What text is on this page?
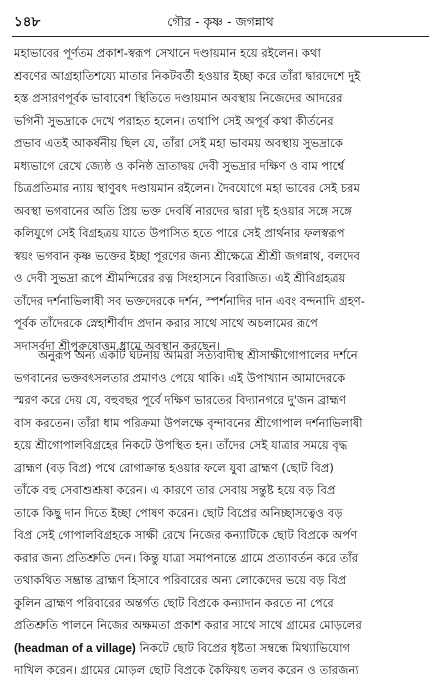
১৪৮	গৌর - কৃষ্ণ - জগন্নাথ
মহাভাবের পূর্ণতম প্রকাশ-স্বরূপ সেখানে দণ্ডায়মান হয়ে রইলেন। কথা
শ্রবণের আগ্রহাতিশয্যে মাতার নিকটবর্তী হওয়ার ইচ্ছা করে তাঁরা দ্বারদেশে দুই
হস্ত প্রসারণপূর্বক ভাবাবেশ স্থিতিতে দণ্ডায়মান অবস্থায় নিজেদের আদরের
ভগিনী সুভদ্রাকে দেখে পরাহত হলেন। তথাপি সেই অপূর্ব কথা কীর্তনের
প্রভাব এতই আকর্ষনীয় ছিল যে, তাঁরা সেই মহা ভাবময় অবস্থায় সুভদ্রাকে
মধ্যভাগে রেখে জ্যেষ্ঠ ও কনিষ্ঠ ভ্রাতাদ্বয় দেবী সুভদ্রার দক্ষিণ ও বাম পার্শ্বে
চিত্রপ্রতিমার ন্যায় স্থাণুবৎ দণ্ডায়মান রইলেন। দৈবযোগে মহা ভাবের সেই চরম
অবস্থা ভগবানের অতি প্রিয় ভক্ত দেবর্ষি নারদের দ্বারা দৃষ্ট হওয়ার সঙ্গে সঙ্গে
কলিযুগে সেই বিগ্রহত্রয় যাতে উপাসিত হতে পারে সেই প্রার্থনার ফলস্বরূপ
স্বয়ং ভগবান কৃষ্ণ ভক্তের ইচ্ছা পূরণের জন্য শ্রীক্ষেত্রে শ্রীশ্রী জগন্নাথ, বলদেব
ও দেবী সুভদ্রা রূপে শ্রীমন্দিরের রত্ন সিংহাসনে বিরাজিত। এই শ্রীবিগ্রহত্রয়
তাঁদের দর্শনাভিলাষী সব ভক্তদেরকে দর্শন, স্পর্শনাদির দান এবং বন্দনাদি গ্রহণ-
পূর্বক তাঁদেরকে স্নেহাশীর্বাদ প্রদান করার সাথে সাথে অচলামের রূপে
সদাসর্বদা শ্রীপুরুষোত্তম ধামে অবস্থান করছেন।
অনুরূপ অন্য একটি ঘটনায় আমরা সত্যবাদীস্থ শ্রীসাক্ষীগোপালের দর্শনে
ভগবানের ভক্তবৎসলতার প্রমাণও পেয়ে থাকি। এই উপাখ্যান আমাদেরকে
স্মরণ করে দেয় যে, বহুবছর পূর্বে দক্ষিণ ভারতের বিদ্যানগরে দু'জন ব্রাহ্মণ
বাস করতেন। তাঁরা ধাম পরিক্রমা উপলক্ষে বৃন্দাবনের শ্রীগোপাল দর্শনাভিলাষী
হয়ে শ্রীগোপালবিগ্রহের নিকটে উপস্থিত হন। তাঁদের সেই যাত্রার সময়ে বৃদ্ধ
ব্রাহ্মণ (বড় বিপ্র) পথে রোগাক্রান্ত হওয়ার ফলে যুবা ব্রাহ্মণ (ছোট বিপ্র)
তাঁকে বহু সেবাশুশ্রূষা করেন। এ কারণে তার সেবায় সন্তুষ্ট হয়ে বড় বিপ্র
তাকে কিছু দান দিতে ইচ্ছা পোষণ করেন। ছোট বিপ্রের অনিচ্ছাসত্বেও বড়
বিপ্র সেই গোপালবিগ্রহকে সাক্ষী রেখে নিজের কন্যাটিকে ছোট বিপ্রকে অর্পণ
করার জন্য প্রতিশ্রুতি দেন। কিন্তু যাত্রা সমাপনান্তে গ্রামে প্রত্যাবর্তন করে তাঁর
তথাকথিত সম্ভ্রান্ত ব্রাহ্মণ হিসাবে পরিবারের অন্য লোকেদের ভয়ে বড় বিপ্র
কুলিন ব্রাহ্মণ পরিবারের অন্তর্গত ছোট বিপ্রকে কন্যাদান করতে না পেরে
প্রতিশ্রুতি পালনে নিজের অক্ষমতা প্রকাশ করার সাথে সাথে গ্রামের মোড়লের
(headman of a village) নিকটে ছোট বিপ্রের ধৃষ্টতা সম্বন্ধে মিথ্যাভিযোগ
দাখিল করেন। গ্রামের মোড়ল ছোট বিপ্রকে কৈফিয়ৎ তলব করেন ও তারজন্য
